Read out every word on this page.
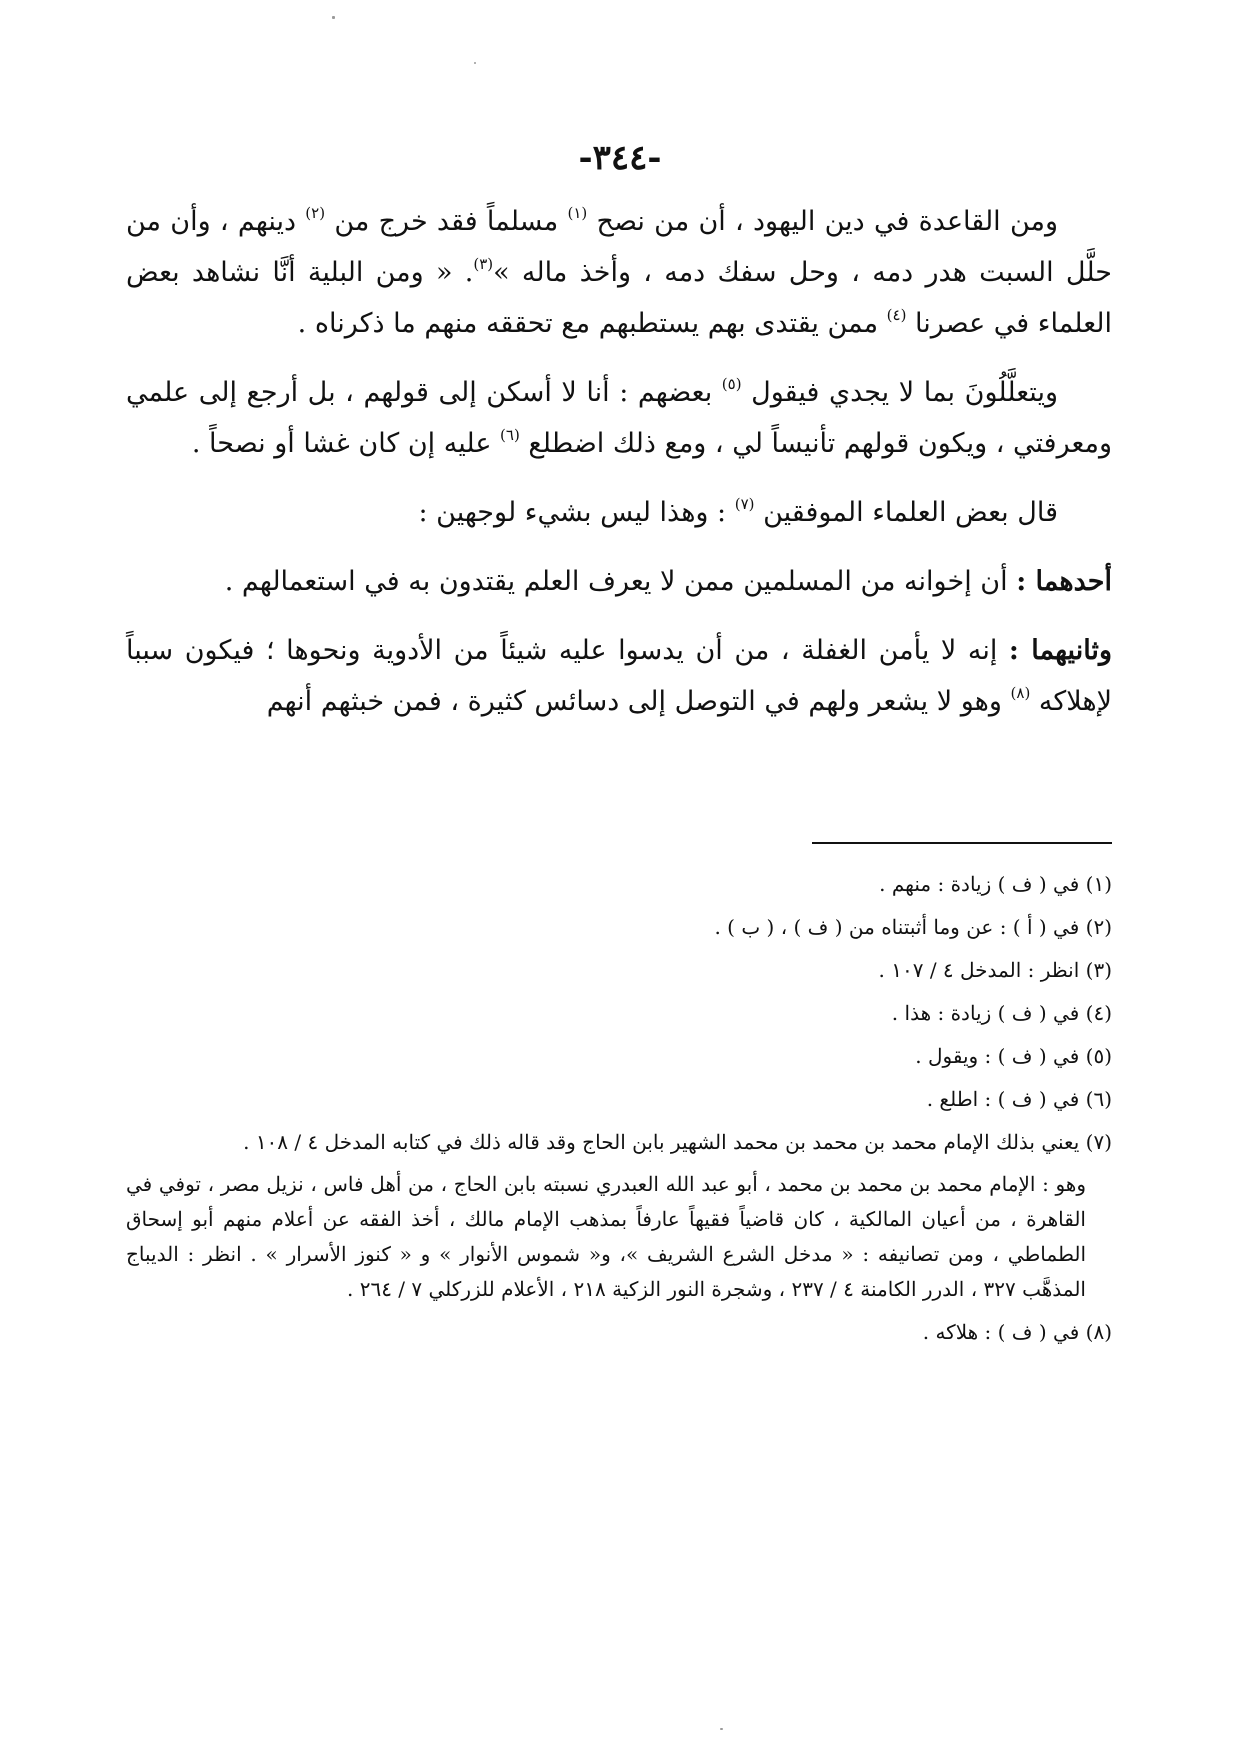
-٣٤٤-

ومن القاعدة في دين اليهود ، أن من نصح $^{(١)}$ مسلماً فقد خرج من $^{(٢)}$ دينهم ، وأن من حلَّل السبت هدر دمه ، وحل سفك دمه ، وأخذ ماله »$^{(٣)}$. « ومن البلية أنَّا نشاهد بعض العلماء في عصرنا $^{(٤)}$ ممن يقتدى بهم يستطبهم مع تحققه منهم ما ذكرناه .

ويتعلَّلُونَ بما لا يجدي فيقول $^{(٥)}$ بعضهم : أنا لا أسكن إلى قولهم ، بل أرجع إلى علمي ومعرفتي ، ويكون قولهم تأنيساً لي ، ومع ذلك اضطلع $^{(٦)}$ عليه إن كان غشا أو نصحاً .

قال بعض العلماء الموفقين $^{(٧)}$ : وهذا ليس بشيء لوجهين :

أحدهما : أن إخوانه من المسلمين ممن لا يعرف العلم يقتدون به في استعمالهم .

وثانيهما : إنه لا يأمن الغفلة ، من أن يدسوا عليه شيئاً من الأدوية ونحوها ؛ فيكون سبباً لإهلاكه $^{(٨)}$ وهو لا يشعر ولهم في التوصل إلى دسائس كثيرة ، فمن خبثهم أنهم

(١) في ( ف ) زيادة : منهم .
(٢) في ( أ ) : عن وما أثبتناه من ( ف ) ، ( ب ) .
(٣) انظر : المدخل ٤ / ١٠٧ .
(٤) في ( ف ) زيادة : هذا .
(٥) في ( ف ) : ويقول .
(٦) في ( ف ) : اطلع .
(٧) يعني بذلك الإمام محمد بن محمد بن محمد الشهير بابن الحاج وقد قاله ذلك في كتابه المدخل ٤ / ١٠٨ .
وهو : الإمام محمد بن محمد بن محمد ، أبو عبد الله العبدري نسبته بابن الحاج ، من أهل فاس ، نزيل مصر ، توفي في القاهرة ، من أعيان المالكية ، كان قاضياً فقيهاً عارفاً بمذهب الإمام مالك ، أخذ الفقه عن أعلام منهم أبو إسحاق الطماطي ، ومن تصانيفه : « مدخل الشرع الشريف »، و« شموس الأنوار » و « كنوز الأسرار » . انظر : الديباج المذهَّب ٣٢٧ ، الدرر الكامنة ٤ / ٢٣٧ ، وشجرة النور الزكية ٢١٨ ، الأعلام للزركلي ٧ / ٢٦٤ .
(٨) في ( ف ) : هلاكه .
